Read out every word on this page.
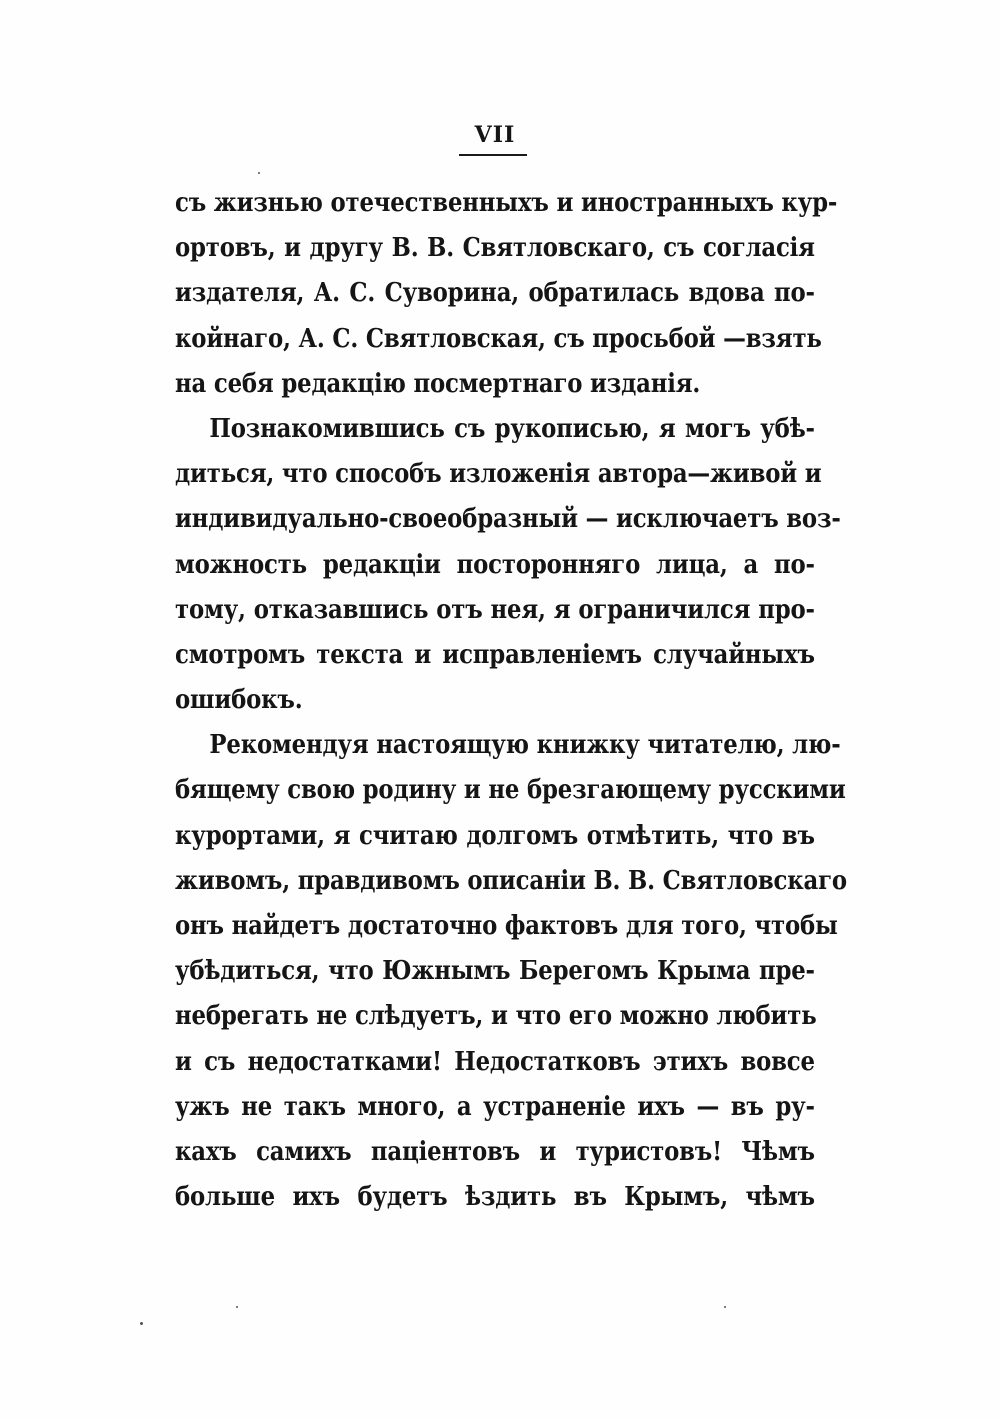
VII
съ жизнью отечественныхъ и иностранныхъ кур-
ортовъ, и другу В. В. Святловскаго, съ согласія
издателя, А. С. Суворина, обратилась вдова по-
койнаго, А. С. Святловская, съ просьбой —взять
на себя редакцію посмертнаго изданія.
Познакомившись съ рукописью, я могъ убѣ-
диться, что способъ изложенія автора—живой и
индивидуально-своеобразный — исключаетъ воз-
можность редакціи посторонняго лица, а по-
тому, отказавшись отъ нея, я ограничился про-
смотромъ текста и исправленіемъ случайныхъ
ошибокъ.
Рекомендуя настоящую книжку читателю, лю-
бящему свою родину и не брезгающему русскими
курортами, я считаю долгомъ отмѣтить, что въ
живомъ, правдивомъ описаніи В. В. Святловскаго
онъ найдетъ достаточно фактовъ для того, чтобы
убѣдиться, что Южнымъ Берегомъ Крыма пре-
небрегать не слѣдуетъ, и что его можно любить
и съ недостатками! Недостатковъ этихъ вовсе
ужъ не такъ много, а устраненіе ихъ — въ ру-
кахъ самихъ паціентовъ и туристовъ! Чѣмъ
больше ихъ будетъ ѣздить въ Крымъ, чѣмъ
